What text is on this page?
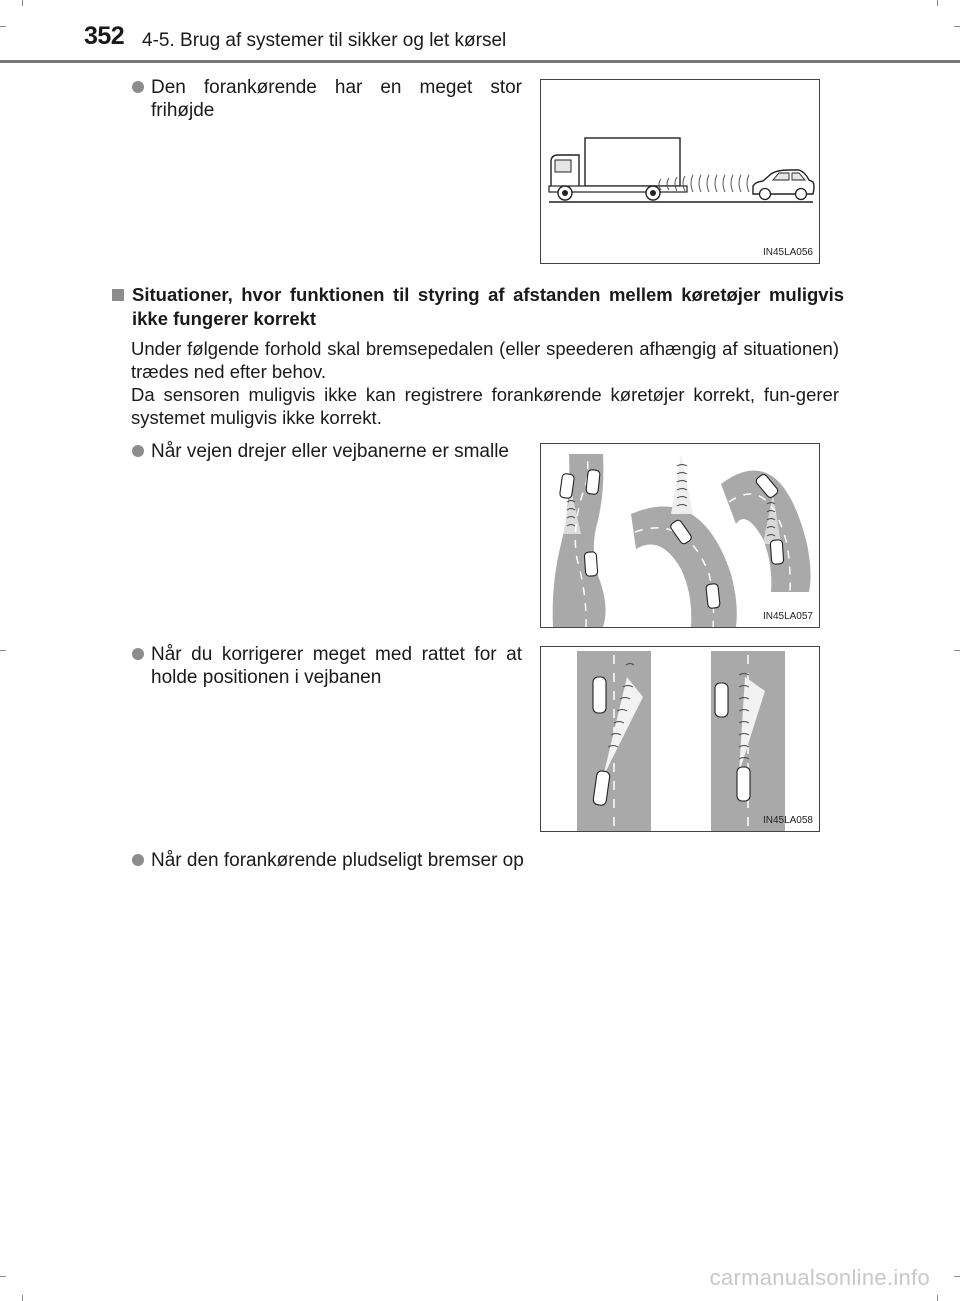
352 4-5. Brug af systemer til sikker og let kørsel
Den forankørende har en meget stor frihøjde
IN45LA056
Situationer, hvor funktionen til styring af afstanden mellem køretøjer muligvis ikke fungerer korrekt
Under følgende forhold skal bremsepedalen (eller speederen afhængig af situationen) trædes ned efter behov.
Da sensoren muligvis ikke kan registrere forankørende køretøjer korrekt, fun-gerer systemet muligvis ikke korrekt.
Når vejen drejer eller vejbanerne er smalle
IN45LA057
Når du korrigerer meget med rattet for at holde positionen i vejbanen
IN45LA058
Når den forankørende pludseligt bremser op
carmanualsonline.info
